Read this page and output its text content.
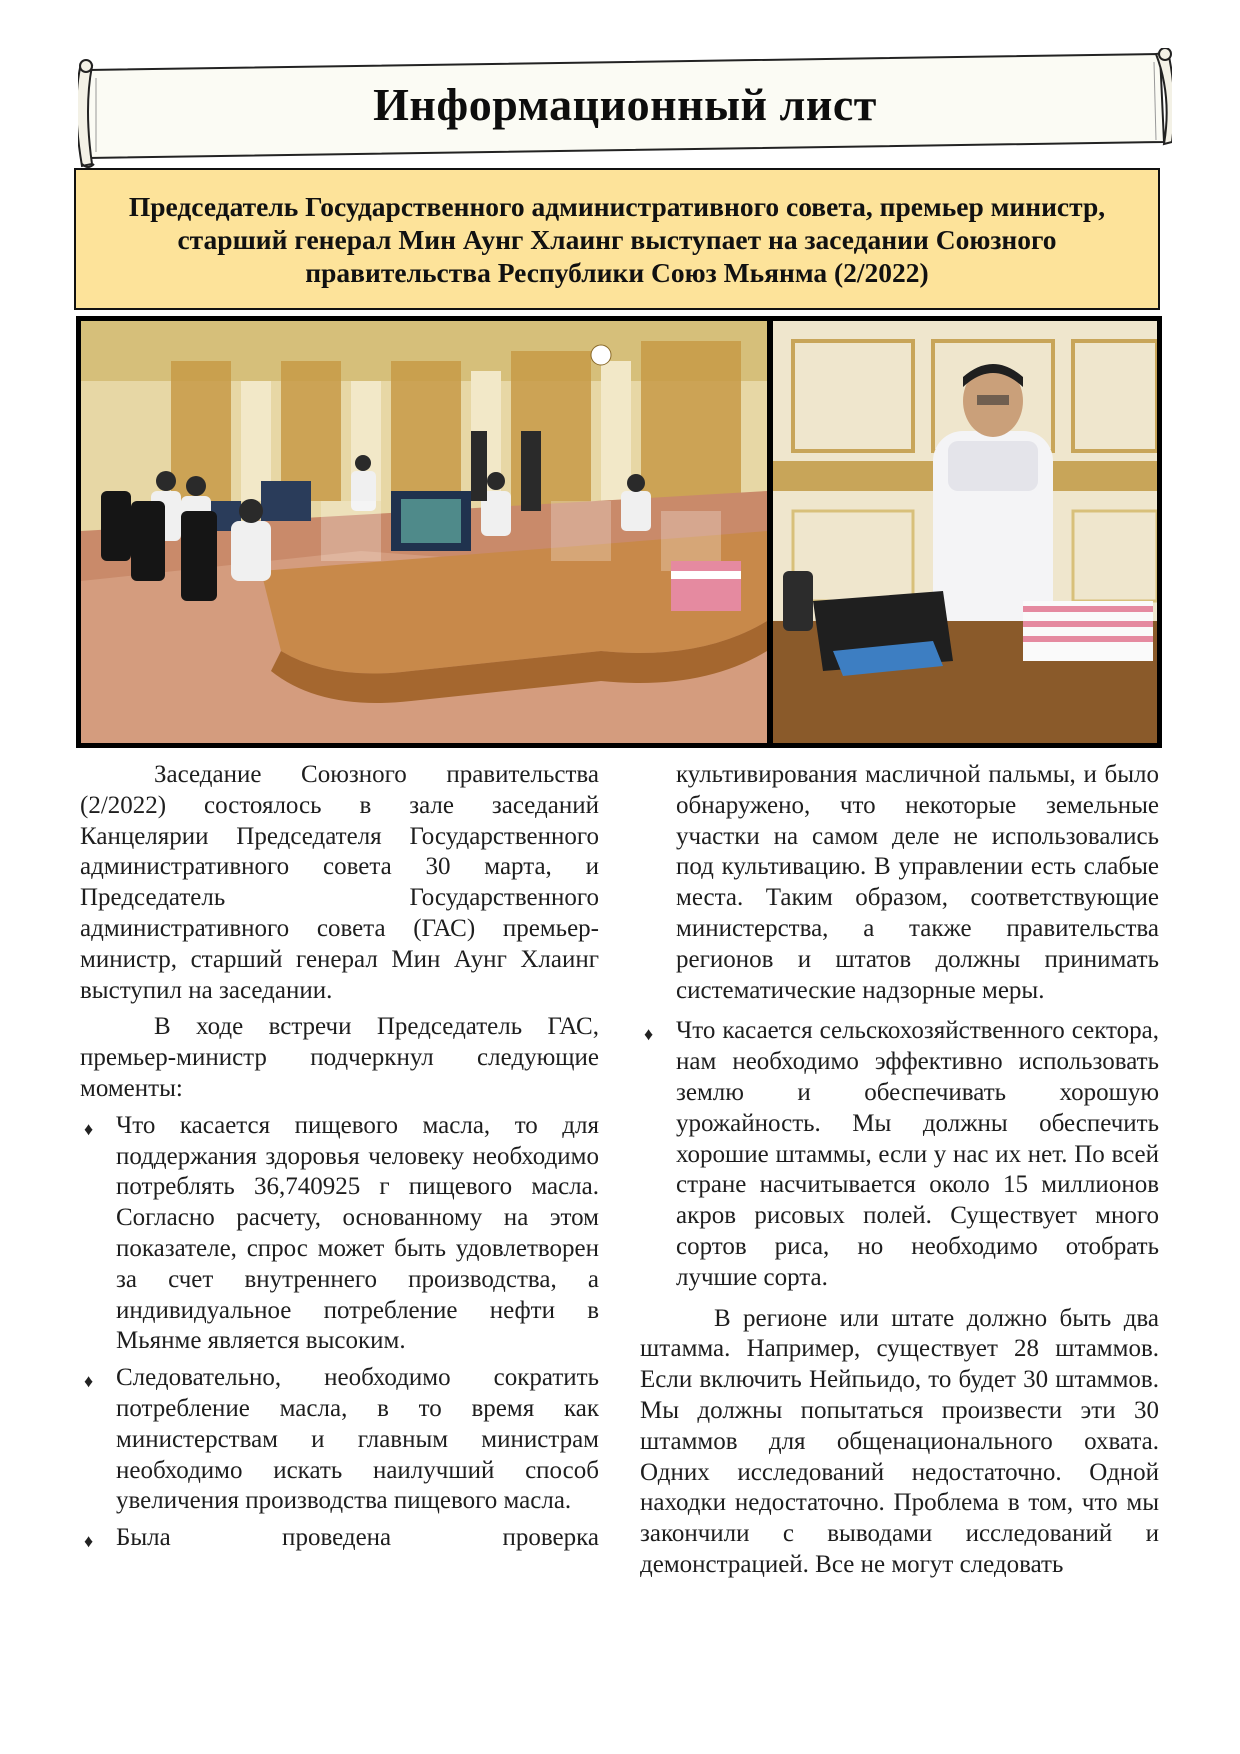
Информационный лист

Председатель Государственного административного совета, премьер министр, старший генерал Мин Аунг Хлаинг выступает на заседании Союзного правительства Республики Союз Мьянма (2/2022)

Заседание Союзного правительства (2/2022) состоялось в зале заседаний Канцелярии Председателя Государственного административного совета 30 марта, и Председатель Государственного административного совета (ГАС) премьер-министр, старший генерал Мин Аунг Хлаинг выступил на заседании.

В ходе встречи Председатель ГАС, премьер-министр подчеркнул следующие моменты:

♦ Что касается пищевого масла, то для поддержания здоровья человеку необходимо потреблять 36,740925 г пищевого масла. Согласно расчету, основанному на этом показателе, спрос может быть удовлетворен за счет внутреннего производства, а индивидуальное потребление нефти в Мьянме является высоким.
♦ Следовательно, необходимо сократить потребление масла, в то время как министерствам и главным министрам необходимо искать наилучший способ увеличения производства пищевого масла.
♦ Была проведена проверка
культивирования масличной пальмы, и было обнаружено, что некоторые земельные участки на самом деле не использовались под культивацию. В управлении есть слабые места. Таким образом, соответствующие министерства, а также правительства регионов и штатов должны принимать систематические надзорные меры.
♦ Что касается сельскохозяйственного сектора, нам необходимо эффективно использовать землю и обеспечивать хорошую урожайность. Мы должны обеспечить хорошие штаммы, если у нас их нет. По всей стране насчитывается около 15 миллионов акров рисовых полей. Существует много сортов риса, но необходимо отобрать лучшие сорта.

В регионе или штате должно быть два штамма. Например, существует 28 штаммов. Если включить Нейпьидо, то будет 30 штаммов. Мы должны попытаться произвести эти 30 штаммов для общенационального охвата. Одних исследований недостаточно. Одной находки недостаточно. Проблема в том, что мы закончили с выводами исследований и демонстрацией. Все не могут следовать
